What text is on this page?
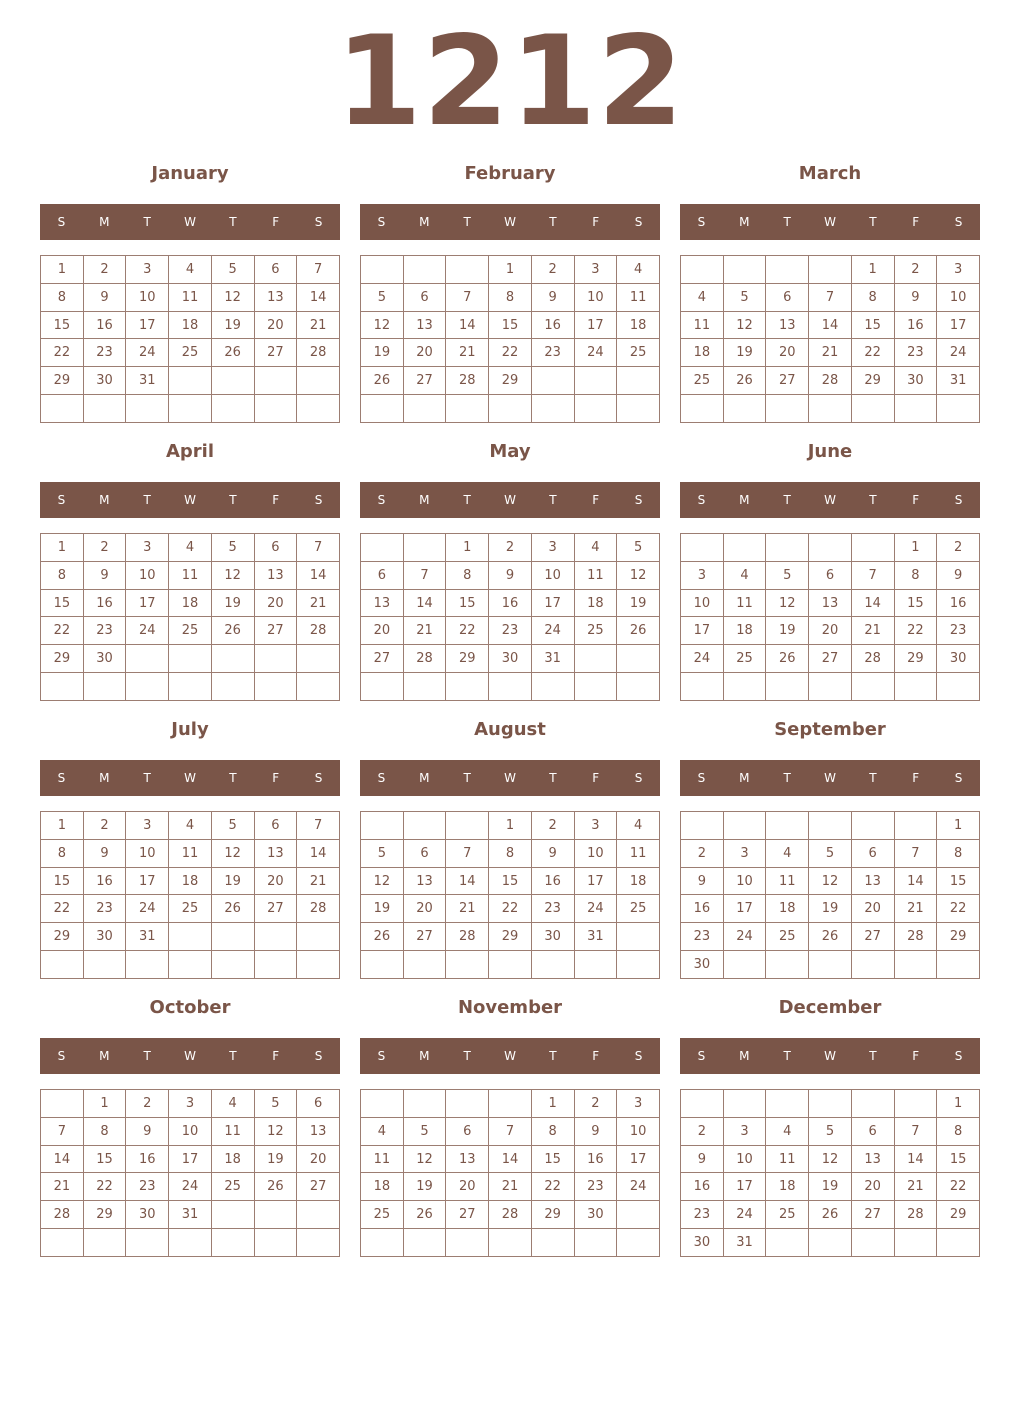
1212
January
S	M	T	W	T	F	S
1	2	3	4	5	6	7
8	9	10	11	12	13	14
15	16	17	18	19	20	21
22	23	24	25	26	27	28
29	30	31				

February
S	M	T	W	T	F	S
			1	2	3	4
5	6	7	8	9	10	11
12	13	14	15	16	17	18
19	20	21	22	23	24	25
26	27	28	29			

March
S	M	T	W	T	F	S
				1	2	3
4	5	6	7	8	9	10
11	12	13	14	15	16	17
18	19	20	21	22	23	24
25	26	27	28	29	30	31

April
S	M	T	W	T	F	S
1	2	3	4	5	6	7
8	9	10	11	12	13	14
15	16	17	18	19	20	21
22	23	24	25	26	27	28
29	30					

May
S	M	T	W	T	F	S
		1	2	3	4	5
6	7	8	9	10	11	12
13	14	15	16	17	18	19
20	21	22	23	24	25	26
27	28	29	30	31		

June
S	M	T	W	T	F	S
					1	2
3	4	5	6	7	8	9
10	11	12	13	14	15	16
17	18	19	20	21	22	23
24	25	26	27	28	29	30

July
S	M	T	W	T	F	S
1	2	3	4	5	6	7
8	9	10	11	12	13	14
15	16	17	18	19	20	21
22	23	24	25	26	27	28
29	30	31				

August
S	M	T	W	T	F	S
			1	2	3	4
5	6	7	8	9	10	11
12	13	14	15	16	17	18
19	20	21	22	23	24	25
26	27	28	29	30	31	

September
S	M	T	W	T	F	S
						1
2	3	4	5	6	7	8
9	10	11	12	13	14	15
16	17	18	19	20	21	22
23	24	25	26	27	28	29
30						
October
S	M	T	W	T	F	S
	1	2	3	4	5	6
7	8	9	10	11	12	13
14	15	16	17	18	19	20
21	22	23	24	25	26	27
28	29	30	31			

November
S	M	T	W	T	F	S
				1	2	3
4	5	6	7	8	9	10
11	12	13	14	15	16	17
18	19	20	21	22	23	24
25	26	27	28	29	30	

December
S	M	T	W	T	F	S
						1
2	3	4	5	6	7	8
9	10	11	12	13	14	15
16	17	18	19	20	21	22
23	24	25	26	27	28	29
30	31					
